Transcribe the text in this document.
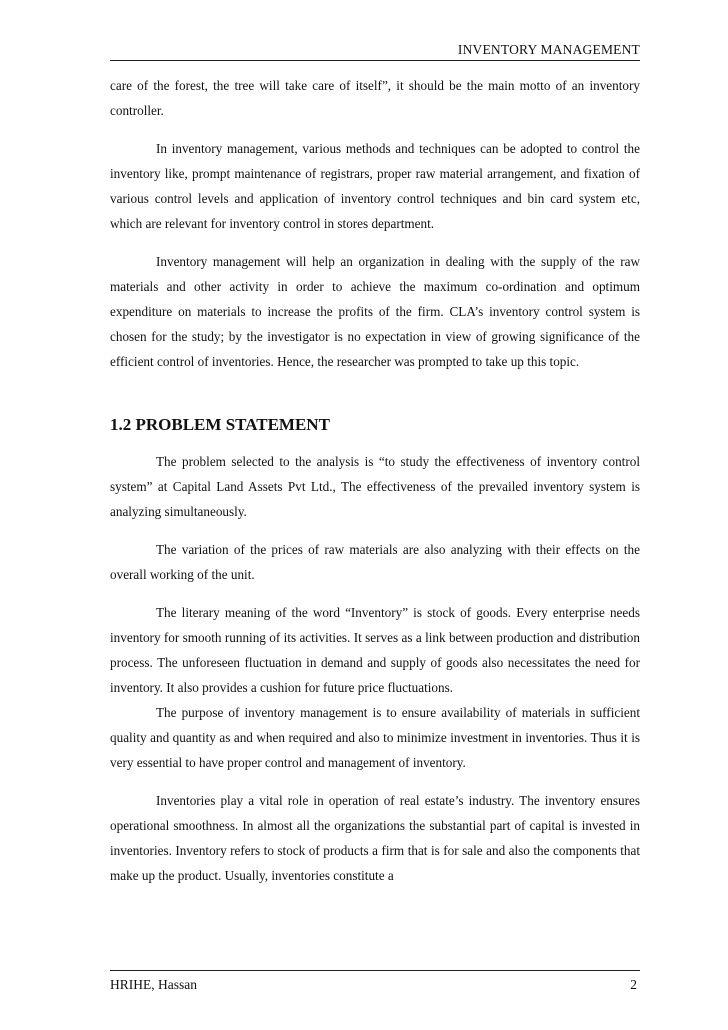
INVENTORY MANAGEMENT

care of the forest, the tree will take care of itself”, it should be the main motto of an inventory controller.

In inventory management, various methods and techniques can be adopted to control the inventory like, prompt maintenance of registrars, proper raw material arrangement, and fixation of various control levels and application of inventory control techniques and bin card system etc, which are relevant for inventory control in stores department.

Inventory management will help an organization in dealing with the supply of the raw materials and other activity in order to achieve the maximum co-ordination and optimum expenditure on materials to increase the profits of the firm. CLA’s inventory control system is chosen for the study; by the investigator is no expectation in view of growing significance of the efficient control of inventories. Hence, the researcher was prompted to take up this topic.

1.2 PROBLEM STATEMENT

The problem selected to the analysis is “to study the effectiveness of inventory control system” at Capital Land Assets Pvt Ltd., The effectiveness of the prevailed inventory system is analyzing simultaneously.

The variation of the prices of raw materials are also analyzing with their effects on the overall working of the unit.

The literary meaning of the word “Inventory” is stock of goods. Every enterprise needs inventory for smooth running of its activities. It serves as a link between production and distribution process. The unforeseen fluctuation in demand and supply of goods also necessitates the need for inventory. It also provides a cushion for future price fluctuations.

The purpose of inventory management is to ensure availability of materials in sufficient quality and quantity as and when required and also to minimize investment in inventories. Thus it is very essential to have proper control and management of inventory.

Inventories play a vital role in operation of real estate’s industry. The inventory ensures operational smoothness. In almost all the organizations the substantial part of capital is invested in inventories. Inventory refers to stock of products a firm that is for sale and also the components that make up the product. Usually, inventories constitute a

HRIHE, Hassan	2
